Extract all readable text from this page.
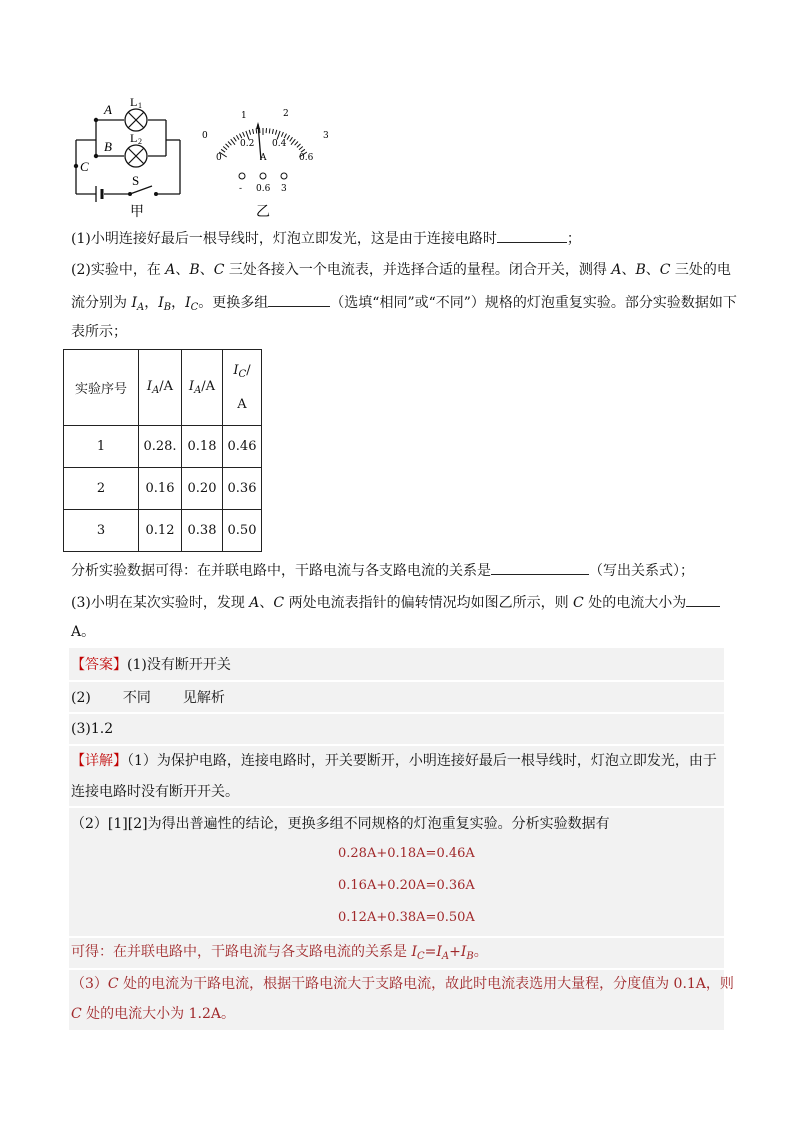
A
B
C
L 1
L 2
S
甲
0
1	2
3
0
0.2 0.4
0.6
A
- 0.6 3
乙
(1)小明连接好最后一根导线时，灯泡立即发光，这是由于连接电路时	；
(2)实验中，在 A、B、C 三处各接入一个电流表，并选择合适的量程。闭合开关，测得 A、B、C 三处的电
流分别为 $I_A$，$I_B$，$I_C$。更换多组	（选填“相同”或“不同”）规格的灯泡重复实验。部分实验数据如下
表所示；
实验序号	$I_A/A$	$I_A/A$	$I_C/$
A
1	0.28.	0.18	0.46
2	0.16	0.20	0.36
3	0.12	0.38	0.50
分析实验数据可得：在并联电路中，干路电流与各支路电流的关系是	（写出关系式）；
(3)小明在某次实验时，发现 A、C 两处电流表指针的偏转情况均如图乙所示，则 C 处的电流大小为
A。
【答案】(1)没有断开开关
(2) 不同 见解析
(3)1.2
【详解】（1）为保护电路，连接电路时，开关要断开，小明连接好最后一根导线时，灯泡立即发光，由于
连接电路时没有断开开关。
（2）[1][2]为得出普遍性的结论，更换多组不同规格的灯泡重复实验。分析实验数据有
0.28A+0.18A=0.46A
0.16A+0.20A=0.36A
0.12A+0.38A=0.50A
可得：在并联电路中，干路电流与各支路电流的关系是 $I_C=I_A+I_B$。
（3）C 处的电流为干路电流，根据干路电流大于支路电流，故此时电流表选用大量程，分度值为 0.1A，则
C 处的电流大小为 1.2A。
